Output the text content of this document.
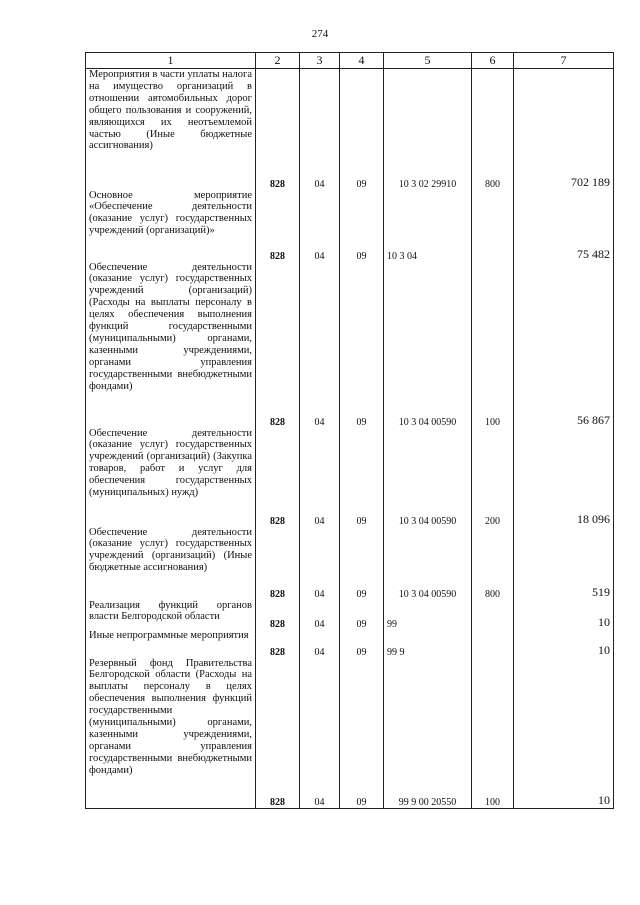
274
1	2	3	4	5	6	7
Мероприятия в части уплаты налога на имущество организаций в отношении автомобильных дорог общего пользования и сооружений, являющихся их неотъемлемой частью (Иные бюджетные ассигнования)	828	04	09	10 3 02 29910	800	702 189
Основное мероприятие «Обеспечение деятельности (оказание услуг) государственных учреждений (организаций)»	828	04	09	10 3 04		75 482
Обеспечение деятельности (оказание услуг) государственных учреждений (организаций) (Расходы на выплаты персоналу в целях обеспечения выполнения функций государственными (муниципальными) органами, казенными учреждениями, органами управления государственными внебюджетными фондами)	828	04	09	10 3 04 00590	100	56 867
Обеспечение деятельности (оказание услуг) государственных учреждений (организаций) (Закупка товаров, работ и услуг для обеспечения государственных (муниципальных) нужд)	828	04	09	10 3 04 00590	200	18 096
Обеспечение деятельности (оказание услуг) государственных учреждений (организаций) (Иные бюджетные ассигнования)	828	04	09	10 3 04 00590	800	519
Реализация функций органов власти Белгородской области	828	04	09	99		10
Иные непрограммные мероприятия	828	04	09	99 9		10
Резервный фонд Правительства Белгородской области (Расходы на выплаты персоналу в целях обеспечения выполнения функций государственными (муниципальными) органами, казенными учреждениями, органами управления государственными внебюджетными фондами)	828	04	09	99 9 00 20550	100	10
